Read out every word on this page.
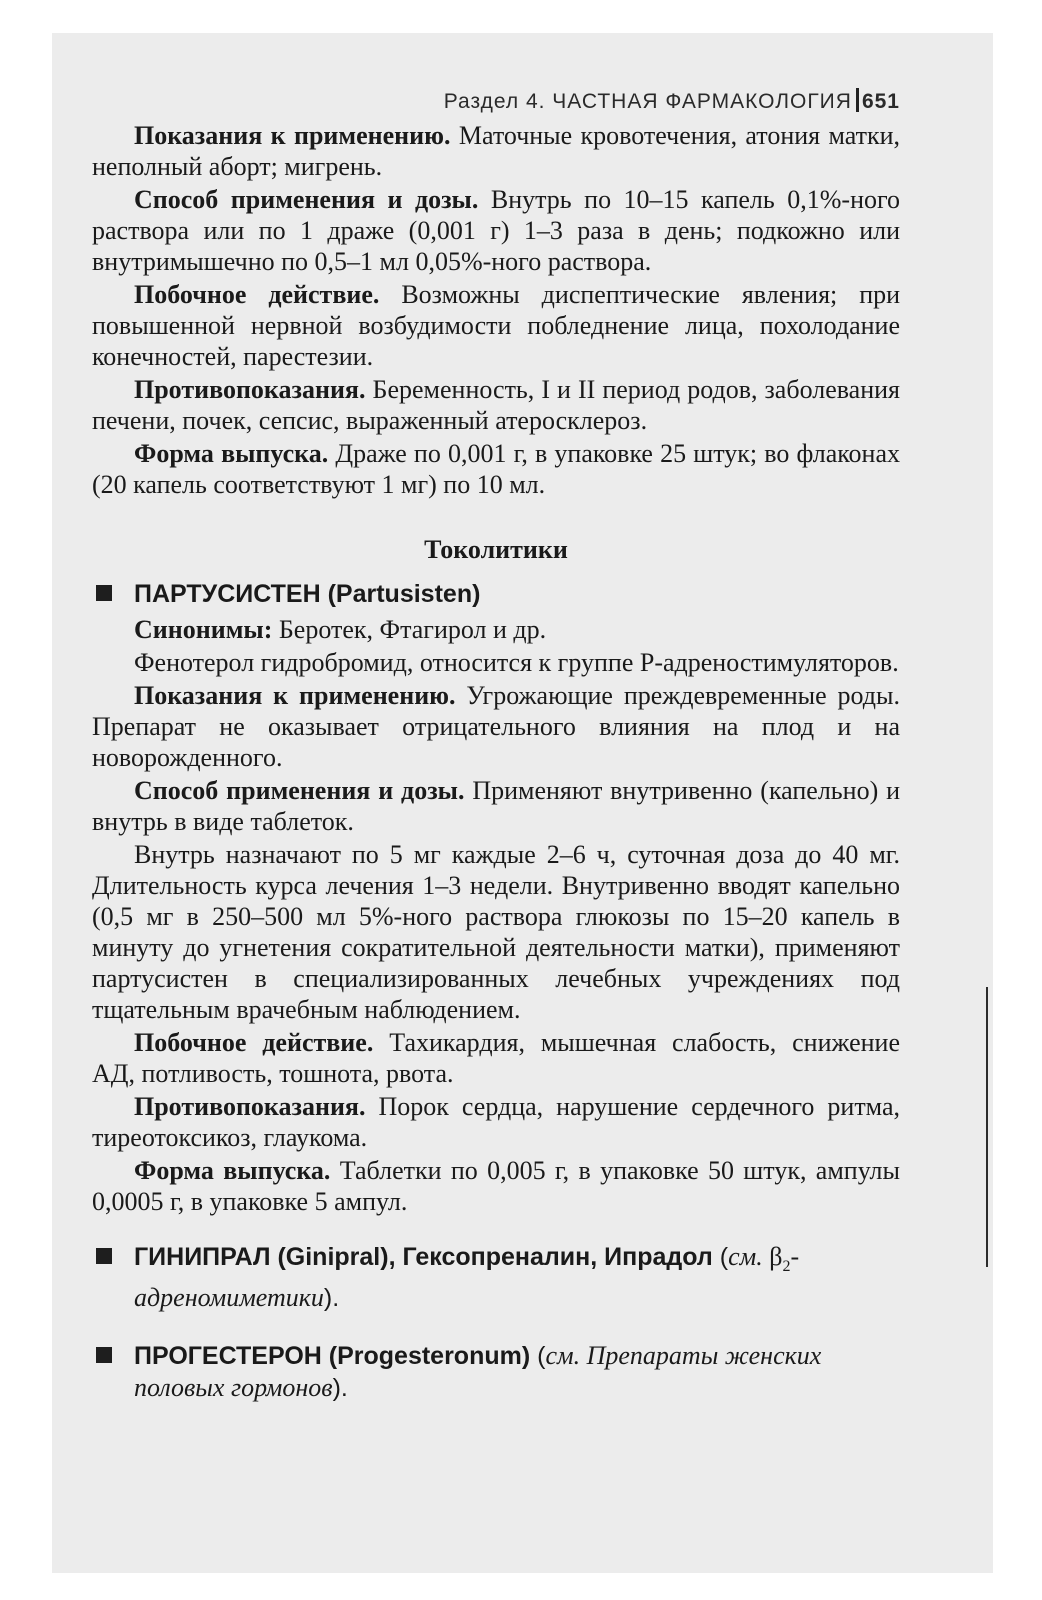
Раздел 4. ЧАСТНАЯ ФАРМАКОЛОГИЯ 651

Показания к применению. Маточные кровотечения, атония матки, неполный аборт; мигрень.

Способ применения и дозы. Внутрь по 10–15 капель 0,1%-ного раствора или по 1 драже (0,001 г) 1–3 раза в день; подкожно или внутримышечно по 0,5–1 мл 0,05%-ного раствора.

Побочное действие. Возможны диспептические явления; при повышенной нервной возбудимости побледнение лица, похолодание конечностей, парестезии.

Противопоказания. Беременность, I и II период родов, заболевания печени, почек, сепсис, выраженный атеросклероз.

Форма выпуска. Драже по 0,001 г, в упаковке 25 штук; во флаконах (20 капель соответствуют 1 мг) по 10 мл.

Токолитики
ПАРТУСИСТЕН (Partusisten)

Синонимы: Беротек, Фтагирол и др.

Фенотерол гидробромид, относится к группе Р-адреностимуляторов.

Показания к применению. Угрожающие преждевременные роды. Препарат не оказывает отрицательного влияния на плод и на новорожденного.

Способ применения и дозы. Применяют внутривенно (капельно) и внутрь в виде таблеток.

Внутрь назначают по 5 мг каждые 2–6 ч, суточная доза до 40 мг. Длительность курса лечения 1–3 недели. Внутривенно вводят капельно (0,5 мг в 250–500 мл 5%-ного раствора глюкозы по 15–20 капель в минуту до угнетения сократительной деятельности матки), применяют партусистен в специализированных лечебных учреждениях под тщательным врачебным наблюдением.

Побочное действие. Тахикардия, мышечная слабость, снижение АД, потливость, тошнота, рвота.

Противопоказания. Порок сердца, нарушение сердечного ритма, тиреотоксикоз, глаукома.

Форма выпуска. Таблетки по 0,005 г, в упаковке 50 штук, ампулы 0,0005 г, в упаковке 5 ампул.

ГИНИПРАЛ (Ginipral), Гексопреналин, Ипрадол (см. $\beta_2-адреномиметики$).
ПРОГЕСТЕРОН (Progesteronum) (см. Препараты женских половых гормонов).
